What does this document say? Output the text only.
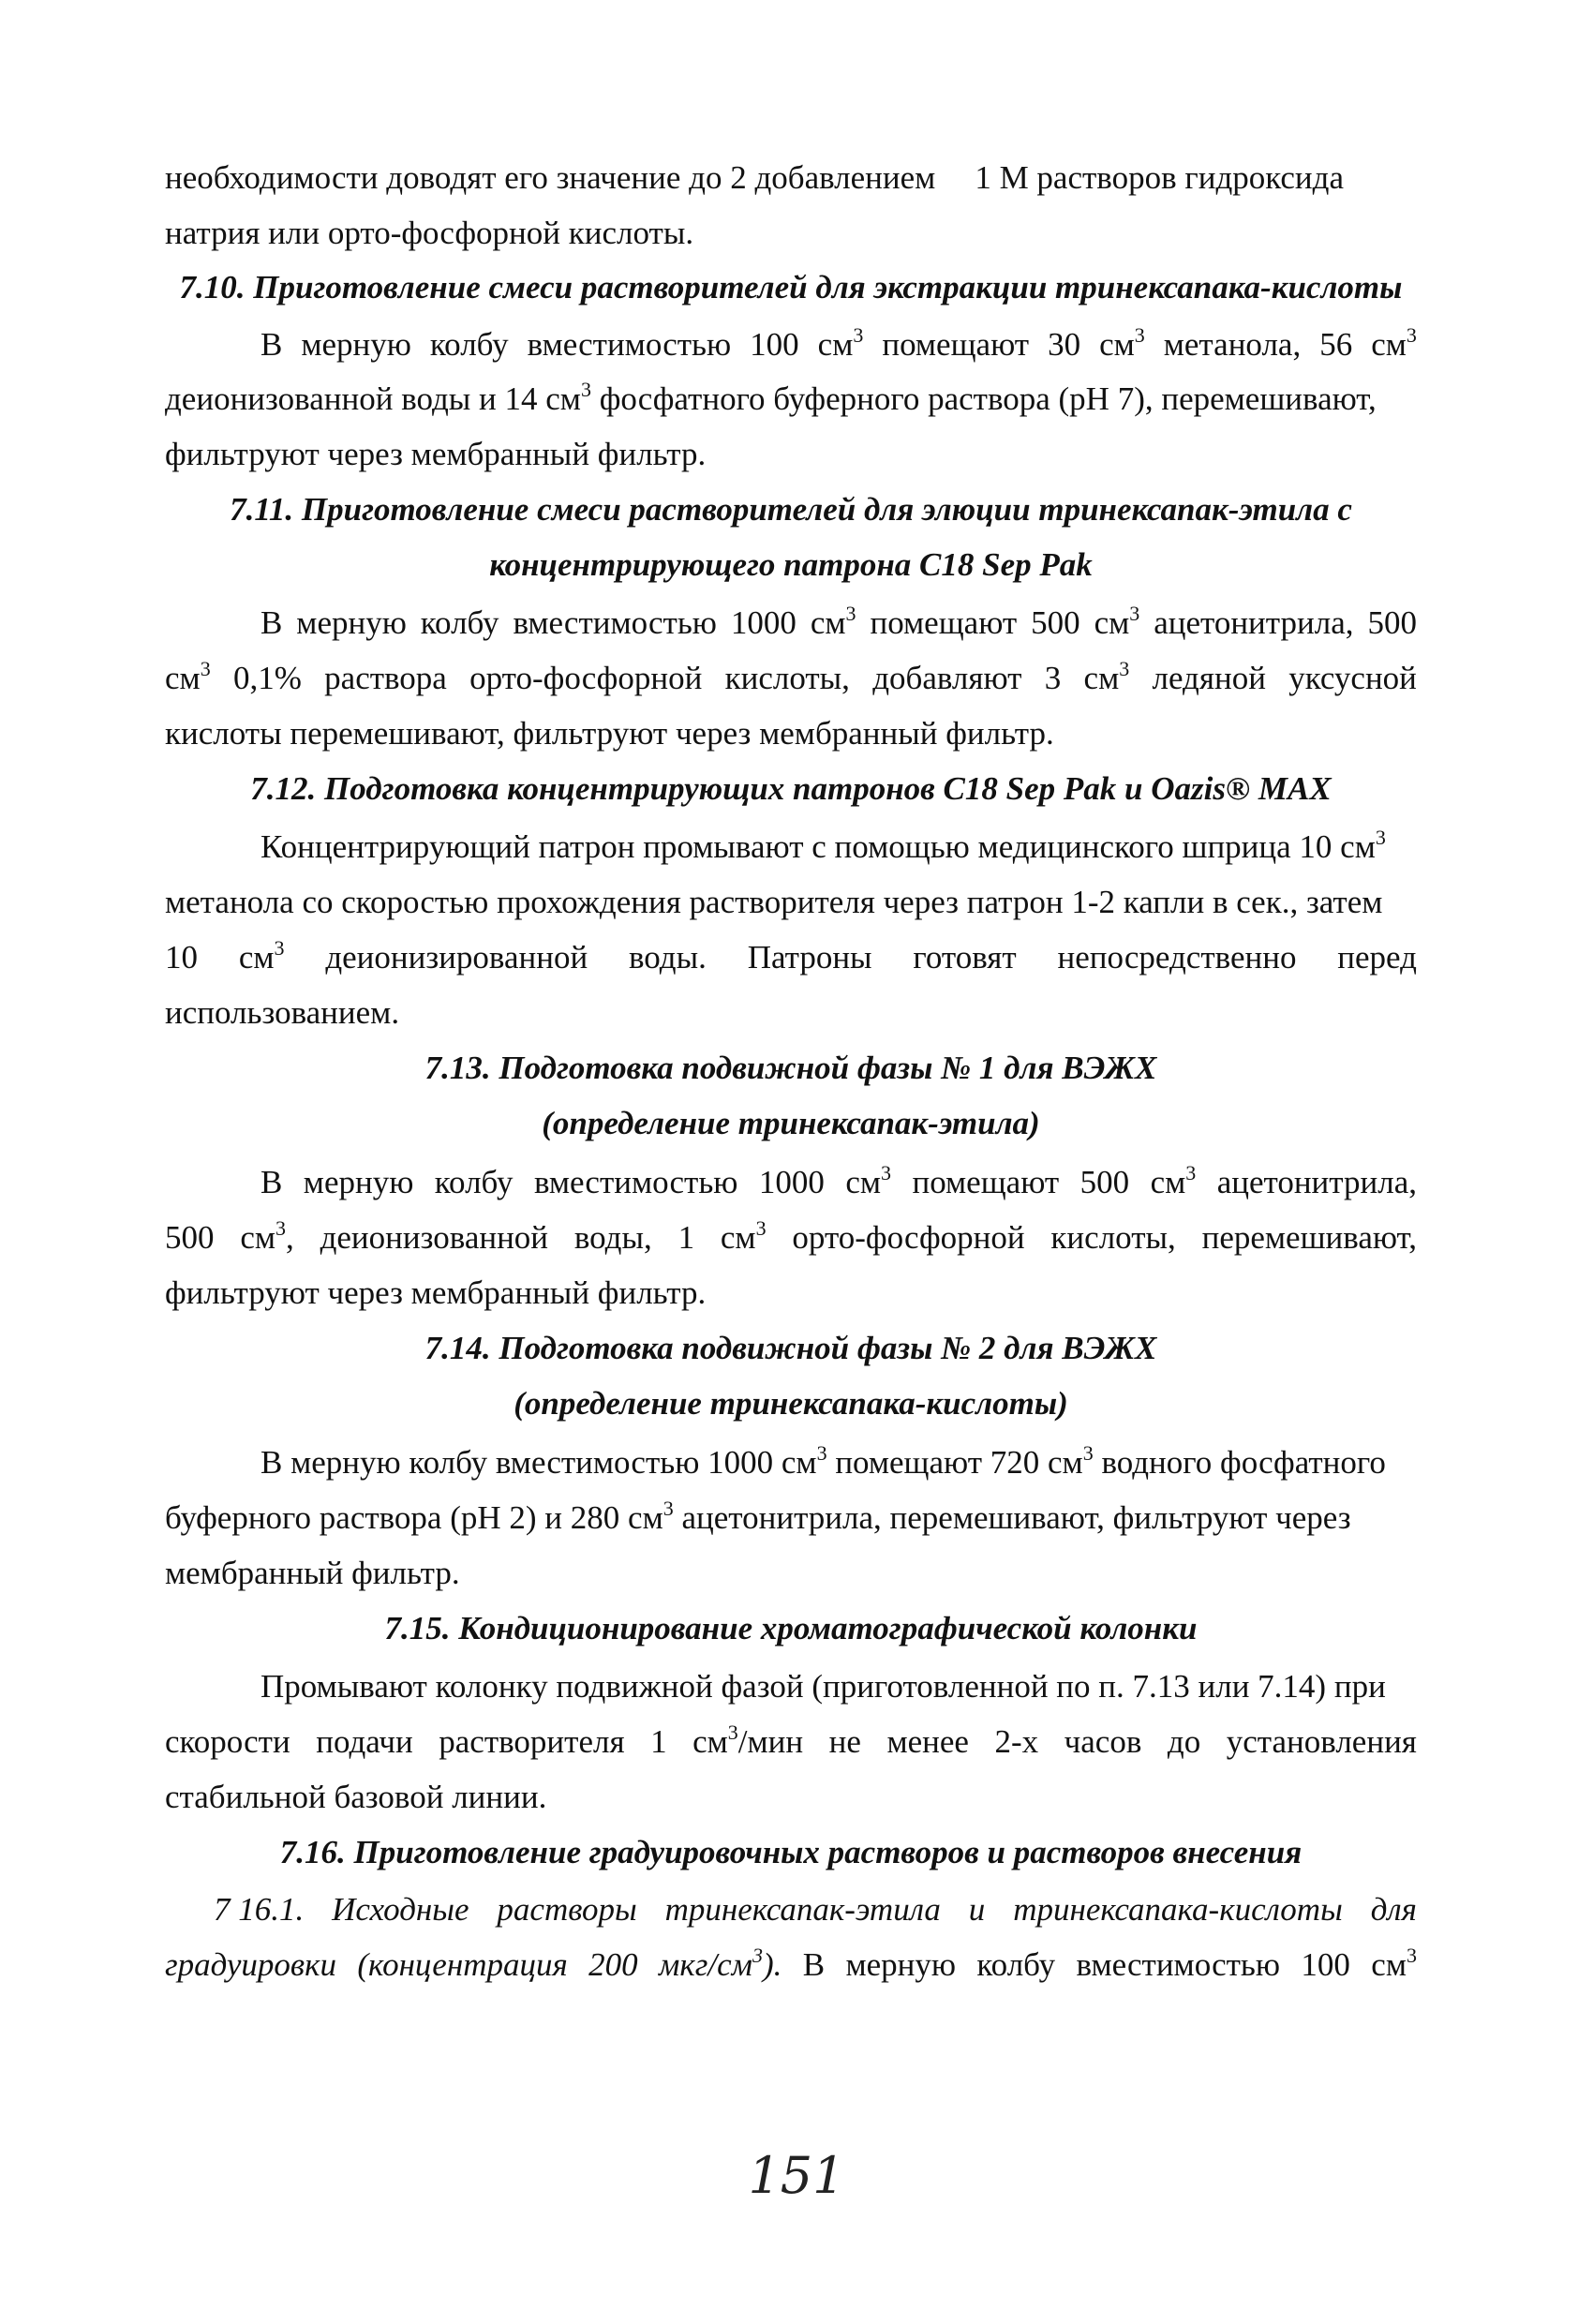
необходимости доводят его значение до 2 добавлением 1 М растворов гидроксида
натрия или орто-фосфорной кислоты.
7.10. Приготовление смеси растворителей для экстракции тринексапака-кислоты
В мерную колбу вместимостью 100 $см^3$ помещают 30 $см^3$ метанола, 56 $см^3$
деионизованной воды и 14 $см^3$ фосфатного буферного раствора (pH 7), перемешивают,
фильтруют через мембранный фильтр.
7.11. Приготовление смеси растворителей для элюции тринексапак-этила с
концентрирующего патрона C18 Sep Pak
В мерную колбу вместимостью 1000 $см^3$ помещают 500 $см^3$ ацетонитрила, 500
$см^3$ 0,1% раствора орто-фосфорной кислоты, добавляют 3 $см^3$ ледяной уксусной
кислоты перемешивают, фильтруют через мембранный фильтр.
7.12. Подготовка концентрирующих патронов C18 Sep Pak и Oazis® MAX
Концентрирующий патрон промывают с помощью медицинского шприца 10 $см^3$
метанола со скоростью прохождения растворителя через патрон 1-2 капли в сек., затем
10 $см^3$ деионизированной воды. Патроны готовят непосредственно перед
использованием.
7.13. Подготовка подвижной фазы № 1 для ВЭЖХ
(определение тринексапак-этила)
В мерную колбу вместимостью 1000 $см^3$ помещают 500 $см^3$ ацетонитрила,
500 $см^3$, деионизованной воды, 1 $см^3$ орто-фосфорной кислоты, перемешивают,
фильтруют через мембранный фильтр.
7.14. Подготовка подвижной фазы № 2 для ВЭЖХ
(определение тринексапака-кислоты)
В мерную колбу вместимостью 1000 $см^3$ помещают 720 $см^3$ водного фосфатного
буферного раствора (pH 2) и 280 $см^3$ ацетонитрила, перемешивают, фильтруют через
мембранный фильтр.
7.15. Кондиционирование хроматографической колонки
Промывают колонку подвижной фазой (приготовленной по п. 7.13 или 7.14) при
скорости подачи растворителя 1 $см^3$/мин не менее 2-х часов до установления
стабильной базовой линии.
7.16. Приготовление градуировочных растворов и растворов внесения
7 16.1. Исходные растворы тринексапак-этила и тринексапака-кислоты для
градуировки (концентрация 200 мкг/$см^3$). В мерную колбу вместимостью 100 $см^3$
151
